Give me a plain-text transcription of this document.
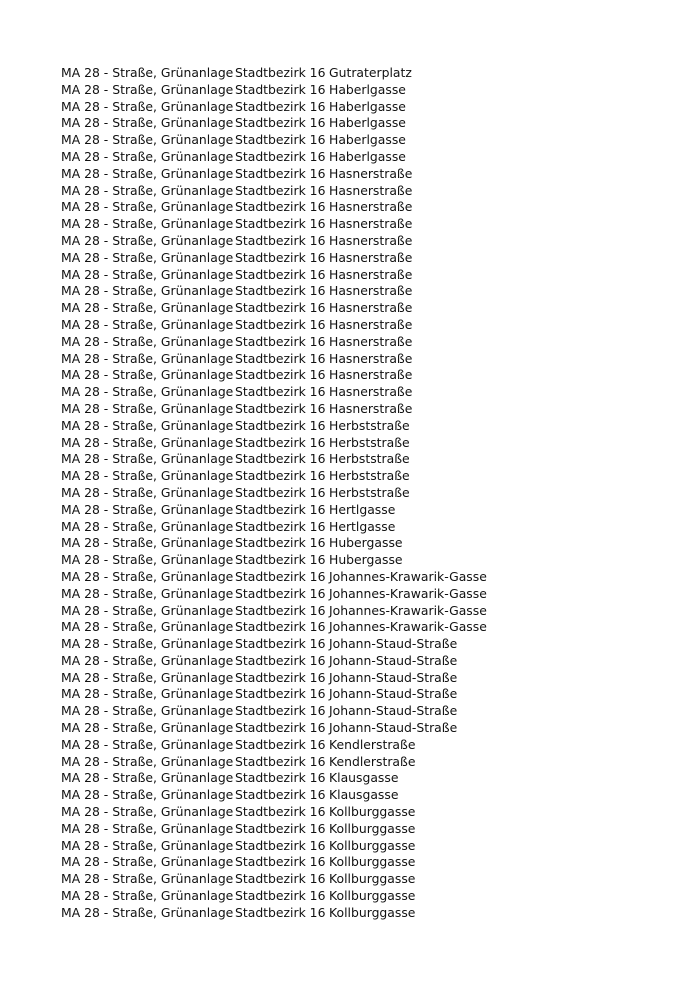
MA 28 - Straße, Grünanlage Stadtbezirk 16 Gutraterplatz
MA 28 - Straße, Grünanlage Stadtbezirk 16 Haberlgasse
MA 28 - Straße, Grünanlage Stadtbezirk 16 Haberlgasse
MA 28 - Straße, Grünanlage Stadtbezirk 16 Haberlgasse
MA 28 - Straße, Grünanlage Stadtbezirk 16 Haberlgasse
MA 28 - Straße, Grünanlage Stadtbezirk 16 Haberlgasse
MA 28 - Straße, Grünanlage Stadtbezirk 16 Hasnerstraße
MA 28 - Straße, Grünanlage Stadtbezirk 16 Hasnerstraße
MA 28 - Straße, Grünanlage Stadtbezirk 16 Hasnerstraße
MA 28 - Straße, Grünanlage Stadtbezirk 16 Hasnerstraße
MA 28 - Straße, Grünanlage Stadtbezirk 16 Hasnerstraße
MA 28 - Straße, Grünanlage Stadtbezirk 16 Hasnerstraße
MA 28 - Straße, Grünanlage Stadtbezirk 16 Hasnerstraße
MA 28 - Straße, Grünanlage Stadtbezirk 16 Hasnerstraße
MA 28 - Straße, Grünanlage Stadtbezirk 16 Hasnerstraße
MA 28 - Straße, Grünanlage Stadtbezirk 16 Hasnerstraße
MA 28 - Straße, Grünanlage Stadtbezirk 16 Hasnerstraße
MA 28 - Straße, Grünanlage Stadtbezirk 16 Hasnerstraße
MA 28 - Straße, Grünanlage Stadtbezirk 16 Hasnerstraße
MA 28 - Straße, Grünanlage Stadtbezirk 16 Hasnerstraße
MA 28 - Straße, Grünanlage Stadtbezirk 16 Hasnerstraße
MA 28 - Straße, Grünanlage Stadtbezirk 16 Herbststraße
MA 28 - Straße, Grünanlage Stadtbezirk 16 Herbststraße
MA 28 - Straße, Grünanlage Stadtbezirk 16 Herbststraße
MA 28 - Straße, Grünanlage Stadtbezirk 16 Herbststraße
MA 28 - Straße, Grünanlage Stadtbezirk 16 Herbststraße
MA 28 - Straße, Grünanlage Stadtbezirk 16 Hertlgasse
MA 28 - Straße, Grünanlage Stadtbezirk 16 Hertlgasse
MA 28 - Straße, Grünanlage Stadtbezirk 16 Hubergasse
MA 28 - Straße, Grünanlage Stadtbezirk 16 Hubergasse
MA 28 - Straße, Grünanlage Stadtbezirk 16 Johannes-Krawarik-Gasse
MA 28 - Straße, Grünanlage Stadtbezirk 16 Johannes-Krawarik-Gasse
MA 28 - Straße, Grünanlage Stadtbezirk 16 Johannes-Krawarik-Gasse
MA 28 - Straße, Grünanlage Stadtbezirk 16 Johannes-Krawarik-Gasse
MA 28 - Straße, Grünanlage Stadtbezirk 16 Johann-Staud-Straße
MA 28 - Straße, Grünanlage Stadtbezirk 16 Johann-Staud-Straße
MA 28 - Straße, Grünanlage Stadtbezirk 16 Johann-Staud-Straße
MA 28 - Straße, Grünanlage Stadtbezirk 16 Johann-Staud-Straße
MA 28 - Straße, Grünanlage Stadtbezirk 16 Johann-Staud-Straße
MA 28 - Straße, Grünanlage Stadtbezirk 16 Johann-Staud-Straße
MA 28 - Straße, Grünanlage Stadtbezirk 16 Kendlerstraße
MA 28 - Straße, Grünanlage Stadtbezirk 16 Kendlerstraße
MA 28 - Straße, Grünanlage Stadtbezirk 16 Klausgasse
MA 28 - Straße, Grünanlage Stadtbezirk 16 Klausgasse
MA 28 - Straße, Grünanlage Stadtbezirk 16 Kollburggasse
MA 28 - Straße, Grünanlage Stadtbezirk 16 Kollburggasse
MA 28 - Straße, Grünanlage Stadtbezirk 16 Kollburggasse
MA 28 - Straße, Grünanlage Stadtbezirk 16 Kollburggasse
MA 28 - Straße, Grünanlage Stadtbezirk 16 Kollburggasse
MA 28 - Straße, Grünanlage Stadtbezirk 16 Kollburggasse
MA 28 - Straße, Grünanlage Stadtbezirk 16 Kollburggasse
